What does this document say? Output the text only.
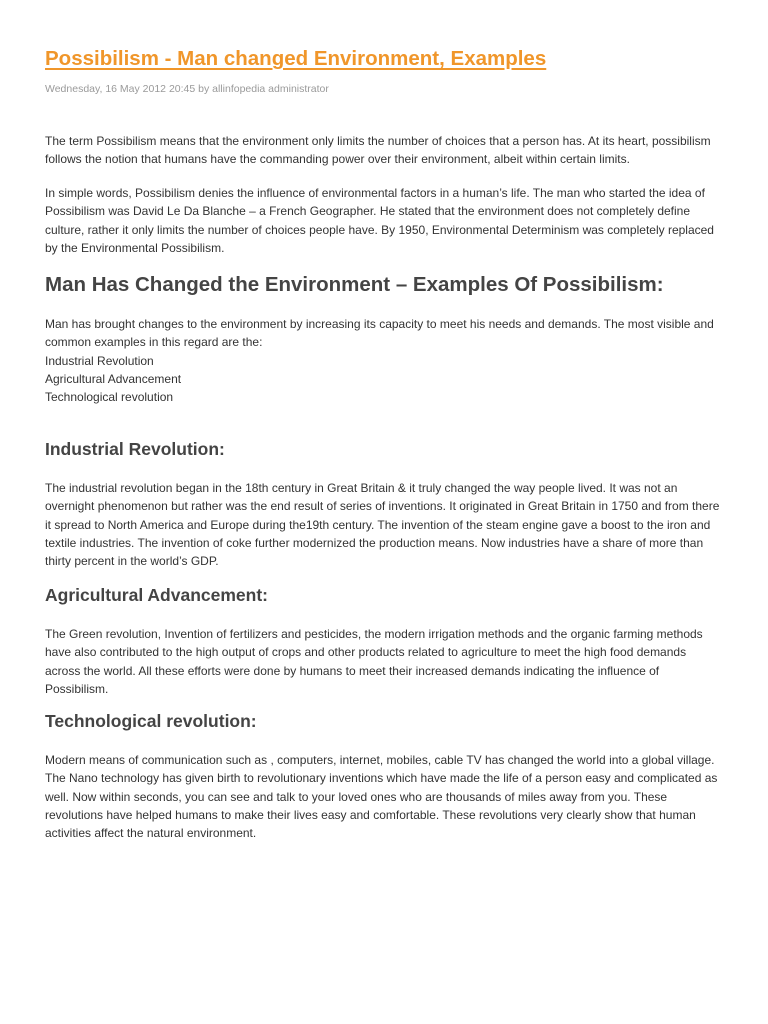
Possibilism - Man changed Environment, Examples
Wednesday, 16 May 2012 20:45 by allinfopedia administrator

The term Possibilism means that the environment only limits the number of choices that a person has. At its heart, possibilism follows the notion that humans have the commanding power over their environment, albeit within certain limits.

In simple words, Possibilism denies the influence of environmental factors in a human’s life. The man who started the idea of Possibilism was David Le Da Blanche – a French Geographer. He stated that the environment does not completely define culture, rather it only limits the number of choices people have. By 1950, Environmental Determinism was completely replaced by the Environmental Possibilism.

Man Has Changed the Environment – Examples Of Possibilism:

Man has brought changes to the environment by increasing its capacity to meet his needs and demands. The most visible and common examples in this regard are the:
Industrial Revolution
Agricultural Advancement
Technological revolution

Industrial Revolution:

The industrial revolution began in the 18th century in Great Britain & it truly changed the way people lived. It was not an overnight phenomenon but rather was the end result of series of inventions. It originated in Great Britain in 1750 and from there it spread to North America and Europe during the19th century. The invention of the steam engine gave a boost to the iron and textile industries. The invention of coke further modernized the production means. Now industries have a share of more than thirty percent in the world’s GDP.

Agricultural Advancement:

The Green revolution, Invention of fertilizers and pesticides, the modern irrigation methods and the organic farming methods have also contributed to the high output of crops and other products related to agriculture to meet the high food demands across the world. All these efforts were done by humans to meet their increased demands indicating the influence of Possibilism.

Technological revolution:

Modern means of communication such as , computers, internet, mobiles, cable TV has changed the world into a global village. The Nano technology has given birth to revolutionary inventions which have made the life of a person easy and complicated as well. Now within seconds, you can see and talk to your loved ones who are thousands of miles away from you. These revolutions have helped humans to make their lives easy and comfortable. These revolutions very clearly show that human activities affect the natural environment.
